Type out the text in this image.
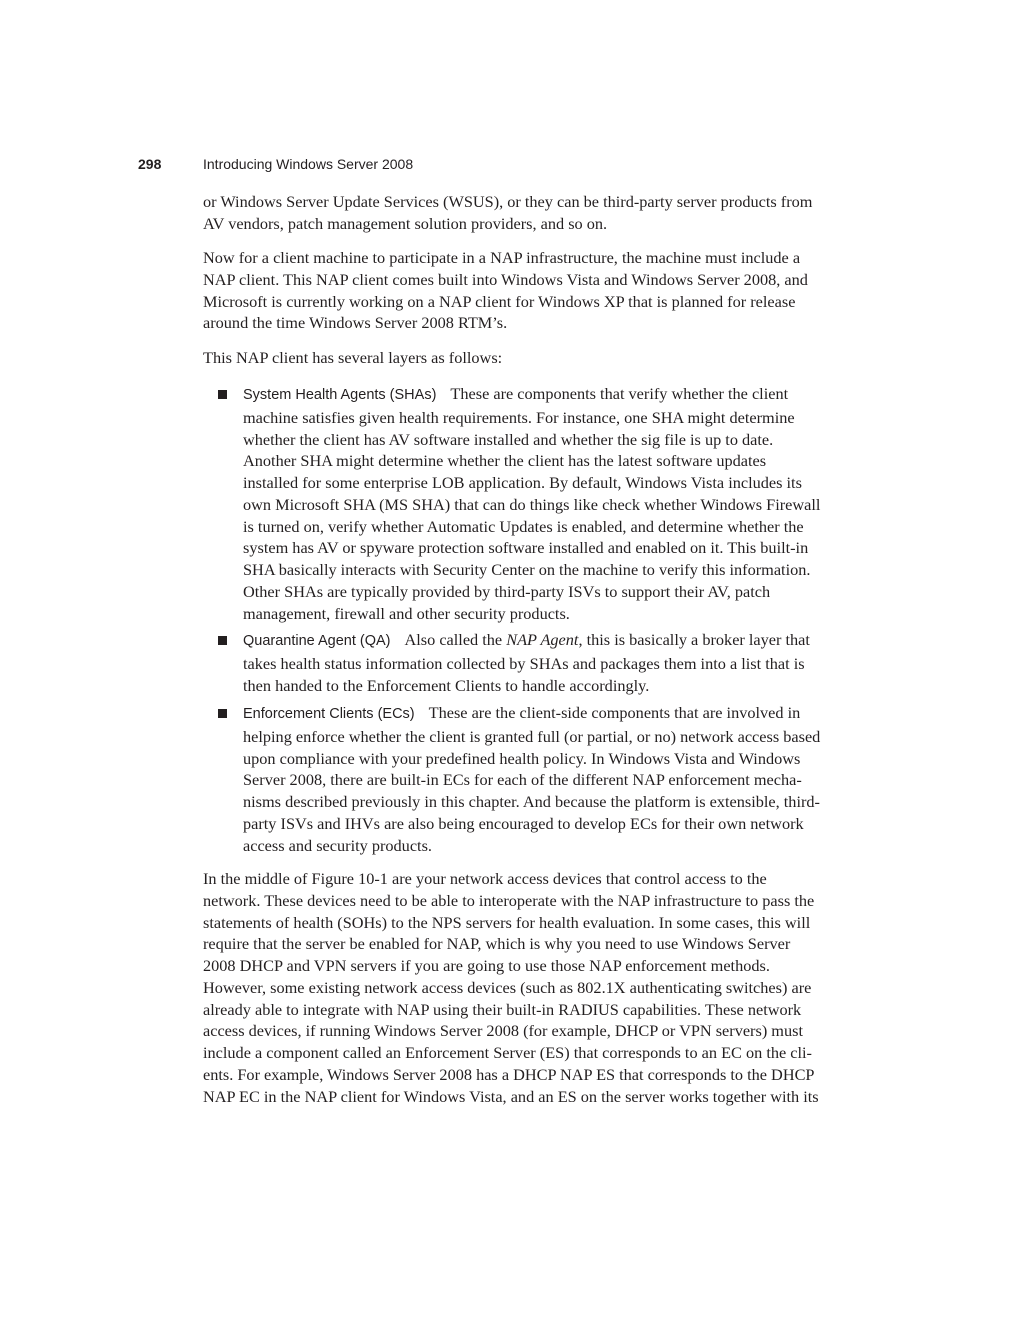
298	Introducing Windows Server 2008
or Windows Server Update Services (WSUS), or they can be third-party server products from
AV vendors, patch management solution providers, and so on.
Now for a client machine to participate in a NAP infrastructure, the machine must include a
NAP client. This NAP client comes built into Windows Vista and Windows Server 2008, and
Microsoft is currently working on a NAP client for Windows XP that is planned for release
around the time Windows Server 2008 RTM’s.
This NAP client has several layers as follows:
System Health Agents (SHAs) These are components that verify whether the client
machine satisfies given health requirements. For instance, one SHA might determine
whether the client has AV software installed and whether the sig file is up to date.
Another SHA might determine whether the client has the latest software updates
installed for some enterprise LOB application. By default, Windows Vista includes its
own Microsoft SHA (MS SHA) that can do things like check whether Windows Firewall
is turned on, verify whether Automatic Updates is enabled, and determine whether the
system has AV or spyware protection software installed and enabled on it. This built-in
SHA basically interacts with Security Center on the machine to verify this information.
Other SHAs are typically provided by third-party ISVs to support their AV, patch
management, firewall and other security products.
Quarantine Agent (QA) Also called the NAP Agent, this is basically a broker layer that
takes health status information collected by SHAs and packages them into a list that is
then handed to the Enforcement Clients to handle accordingly.
Enforcement Clients (ECs) These are the client-side components that are involved in
helping enforce whether the client is granted full (or partial, or no) network access based
upon compliance with your predefined health policy. In Windows Vista and Windows
Server 2008, there are built-in ECs for each of the different NAP enforcement mecha-
nisms described previously in this chapter. And because the platform is extensible, third-
party ISVs and IHVs are also being encouraged to develop ECs for their own network
access and security products.
In the middle of Figure 10-1 are your network access devices that control access to the
network. These devices need to be able to interoperate with the NAP infrastructure to pass the
statements of health (SOHs) to the NPS servers for health evaluation. In some cases, this will
require that the server be enabled for NAP, which is why you need to use Windows Server
2008 DHCP and VPN servers if you are going to use those NAP enforcement methods.
However, some existing network access devices (such as 802.1X authenticating switches) are
already able to integrate with NAP using their built-in RADIUS capabilities. These network
access devices, if running Windows Server 2008 (for example, DHCP or VPN servers) must
include a component called an Enforcement Server (ES) that corresponds to an EC on the cli-
ents. For example, Windows Server 2008 has a DHCP NAP ES that corresponds to the DHCP
NAP EC in the NAP client for Windows Vista, and an ES on the server works together with its
